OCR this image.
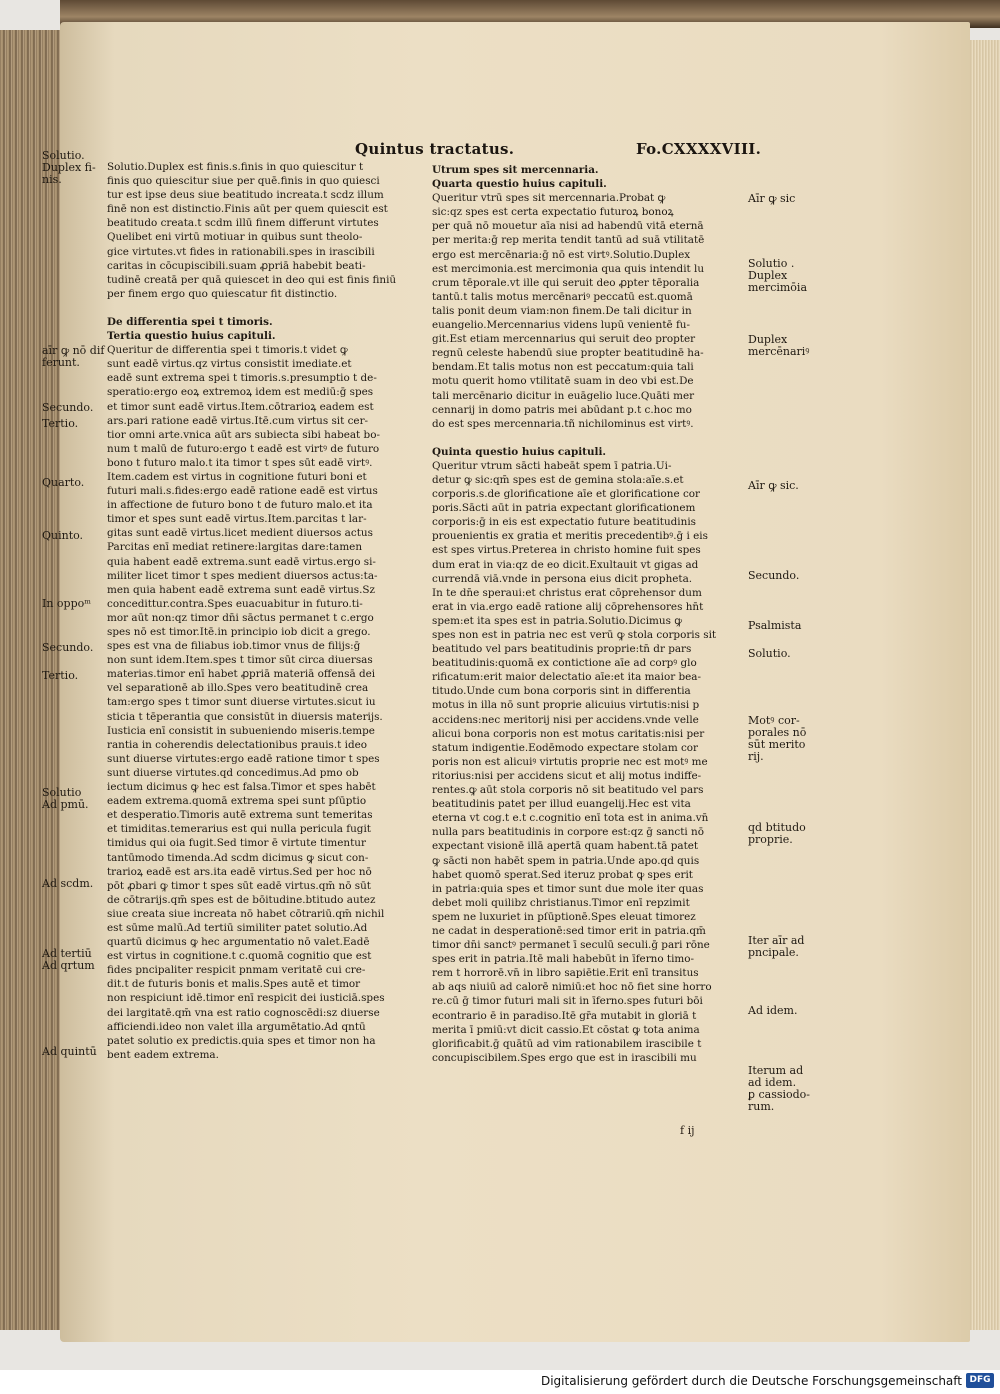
Quintus tractatus.	Fo.CXXXXVIII.

Solutio.Duplex est finis.s.finis in quo quiescitur t

finis quo quiescitur siue per quē.finis in quo quiesci

tur est ipse deus siue beatitudo increata.t scdz illum

finē non est distinctio.Finis aūt per quem quiescit est

beatitudo creata.t scdm illū finem differunt virtutes

Quelibet eni virtū motiuar in quibus sunt theolo-

gice virtutes.vt fides in rationabili.spes in irascibili

caritas in cōcupiscibili.suam ꝓpriā habebit beati-

tudinē creatā per quā quiescet in deo qui est finis finiū

per finem ergo quo quiescatur fit distinctio.

De differentia spei t timoris.

Tertia questio huius capituli.

Queritur de differentia spei t timoris.t videt ꝙ

sunt eadē virtus.qz virtus consistit imediate.et

eadē sunt extrema spei t timoris.s.presumptio t de-

speratio:ergo eoꝝ extremoꝝ idem est mediū:ḡ spes

et timor sunt eadē virtus.Item.cōtrarioꝝ eadem est

ars.pari ratione eadē virtus.Itē.cum virtus sit cer-

tior omni arte.vnica aūt ars subiecta sibi habeat bo-

num t malū de futuro:ergo t eadē est virtꝰ de futuro

bono t futuro malo.t ita timor t spes sūt eadē virtꝰ.

Item.cadem est virtus in cognitione futuri boni et

futuri mali.s.fides:ergo eadē ratione eadē est virtus

in affectione de futuro bono t de futuro malo.et ita

timor et spes sunt eadē virtus.Item.parcitas t lar-

gitas sunt eadē virtus.licet medient diuersos actus

Parcitas enī mediat retinere:largitas dare:tamen

quia habent eadē extrema.sunt eadē virtus.ergo si-

militer licet timor t spes medient diuersos actus:ta-

men quia habent eadē extrema sunt eadē virtus.Sz

concedittur.contra.Spes euacuabitur in futuro.ti-

mor aūt non:qz timor dn̄i sāctus permanet t c.ergo

spes nō est timor.Itē.in principio iob dicit a grego.

spes est vna de filiabus iob.timor vnus de filijs:ḡ

non sunt idem.Item.spes t timor sūt circa diuersas

materias.timor enī habet ꝓpriā materiā offensā dei

vel separationē ab illo.Spes vero beatitudinē crea

tam:ergo spes t timor sunt diuerse virtutes.sicut iu

sticia t tēperantia que consistūt in diuersis materijs.

Iusticia enī consistit in subueniendo miseris.tempe

rantia in coherendis delectationibus prauis.t ideo

sunt diuerse virtutes:ergo eadē ratione timor t spes

sunt diuerse virtutes.qd concedimus.Ad pmo ob

iectum dicimus ꝙ hec est falsa.Timor et spes habēt

eadem extrema.quomā extrema spei sunt pſūptio

et desperatio.Timoris autē extrema sunt temeritas

et timiditas.temerarius est qui nulla pericula fugit

timidus qui oia fugit.Sed timor ē virtute timentur

tantūmodo timenda.Ad scdm dicimus ꝙ sicut con-

trarioꝝ eadē est ars.ita eadē virtus.Sed per hoc nō

pōt ꝓbari ꝙ timor t spes sūt eadē virtus.qm̄ nō sūt

de cōtrarijs.qm̄ spes est de bōitudine.btitudo autez

siue creata siue increata nō habet cōtrariū.qm̄ nichil

est sūme malū.Ad tertiū similiter patet solutio.Ad

quartū dicimus ꝙ hec argumentatio nō valet.Eadē

est virtus in cognitione.t c.quomā cognitio que est

fides pncipaliter respicit pnmam veritatē cui cre-

dit.t de futuris bonis et malis.Spes autē et timor

non respiciunt idē.timor enī respicit dei iusticiā.spes

dei largitatē.qm̄ vna est ratio cognoscēdi:sz diuerse

afficiendi.ideo non valet illa argumētatio.Ad qntū

patet solutio ex predictis.quia spes et timor non ha

bent eadem extrema.

Utrum spes sit mercennaria.

Quarta questio huius capituli.

Queritur vtrū spes sit mercennaria.Probat ꝙ

sic:qz spes est certa expectatio futuroꝝ bonoꝝ

per quā nō mouetur aīa nisi ad habendū vitā eternā

per merita:ḡ rep merita tendit tantū ad suā vtilitatē

ergo est mercēnaria:ḡ nō est virtꝰ.Solutio.Duplex

est mercimonia.est mercimonia qua quis intendit lu

crum tēporale.vt ille qui seruit deo ꝓpter tēporalia

tantū.t talis motus mercēnariꝰ peccatū est.quomā

talis ponit deum viam:non finem.De tali dicitur in

euangelio.Mercennarius videns lupū venientē fu-

git.Est etiam mercennarius qui seruit deo propter

regnū celeste habendū siue propter beatitudinē ha-

bendam.Et talis motus non est peccatum:quia tali

motu querit homo vtilitatē suam in deo vbi est.De

tali mercēnario dicitur in euāgelio luce.Quāti mer

cennarij in domo patris mei abūdant p.t c.hoc mo

do est spes mercennaria.tñ nichilominus est virtꝰ.

Quinta questio huius capituli.

Queritur vtrum sācti habeāt spem ī patria.Ui-

detur ꝙ sic:qm̄ spes est de gemina stola:aīe.s.et

corporis.s.de glorificatione aīe et glorificatione cor

poris.Sācti aūt in patria expectant glorificationem

corporis:ḡ in eis est expectatio future beatitudinis

prouenientis ex gratia et meritis precedentibꝰ.ḡ i eis

est spes virtus.Preterea in christo homine fuit spes

dum erat in via:qz de eo dicit.Exultauit vt gigas ad

currendā viā.vnde in persona eius dicit propheta.

In te dn̄e speraui:et christus erat cōprehensor dum

erat in via.ergo eadē ratione alij cōprehensores hn̄t

spem:et ita spes est in patria.Solutio.Dicimus ꝙ

spes non est in patria nec est verū ꝙ stola corporis sit

beatitudo vel pars beatitudinis proprie:tn̄ dr pars

beatitudinis:quomā ex contictione aīe ad corpꝰ glo

rificatum:erit maior delectatio aīe:et ita maior bea-

titudo.Unde cum bona corporis sint in differentia

motus in illa nō sunt proprie alicuius virtutis:nisi p

accidens:nec meritorij nisi per accidens.vnde velle

alicui bona corporis non est motus caritatis:nisi per

statum indigentie.Eodēmodo expectare stolam cor

poris non est alicuiꝰ virtutis proprie nec est motꝰ me

ritorius:nisi per accidens sicut et alij motus indiffe-

rentes.ꝙ aūt stola corporis nō sit beatitudo vel pars

beatitudinis patet per illud euangelij.Hec est vita

eterna vt cog.t e.t c.cognitio enī tota est in anima.vn̄

nulla pars beatitudinis in corpore est:qz ḡ sancti nō

expectant visionē illā apertā quam habent.tā patet

ꝙ sācti non habēt spem in patria.Unde apo.qd quis

habet quomō sperat.Sed iteruz probat ꝙ spes erit

in patria:quia spes et timor sunt due mole iter quas

debet moli quilibz christianus.Timor enī repzimit

spem ne luxuriet in pſūptionē.Spes eleuat timorez

ne cadat in desperationē:sed timor erit in patria.qm̄

timor dn̄i sanctꝰ permanet ī seculū seculi.ḡ pari rōne

spes erit in patria.Itē mali habebūt in īferno timo-

rem t horrorē.vn̄ in libro sapiētie.Erit enī transitus

ab aqs niuiū ad calorē nimiū:et hoc nō fiet sine horro

re.cū ḡ timor futuri mali sit in īferno.spes futuri bōi

econtrario ē in paradiso.Itē gr̄a mutabit in gloriā t

merita ī pmiū:vt dicit cassio.Et cōstat ꝙ tota anima

glorificabit.ḡ quātū ad vim rationabilem irascibile t

concupiscibilem.Spes ergo que est in irascibili mu

Solutio.
Duplex fi-
nis.
aīr ꝙ nō dif
ferunt.
Secundo.
Tertio.
Quarto.
Quinto.
In oppoᵐ
Secundo.
Tertio.
Solutio
Ad pmū.
Ad scdm.
Ad tertiū
Ad qrtum
Ad quintū
Aīr ꝙ sic
Solutio .
Duplex
mercimōia
Duplex
mercēnariꝰ
Aīr ꝙ sic.
Secundo.
Psalmista
Solutio.
Motꝰ cor-
porales nō
sūt merito
rij.
qd btitudo
proprie.
Iter aīr ad
pncipale.
Ad idem.
Iterum ad
ad idem.
ꝑ cassiodo-
rum.
f ij
Digitalisierung gefördert durch die Deutsche Forschungsgemeinschaft DFG
